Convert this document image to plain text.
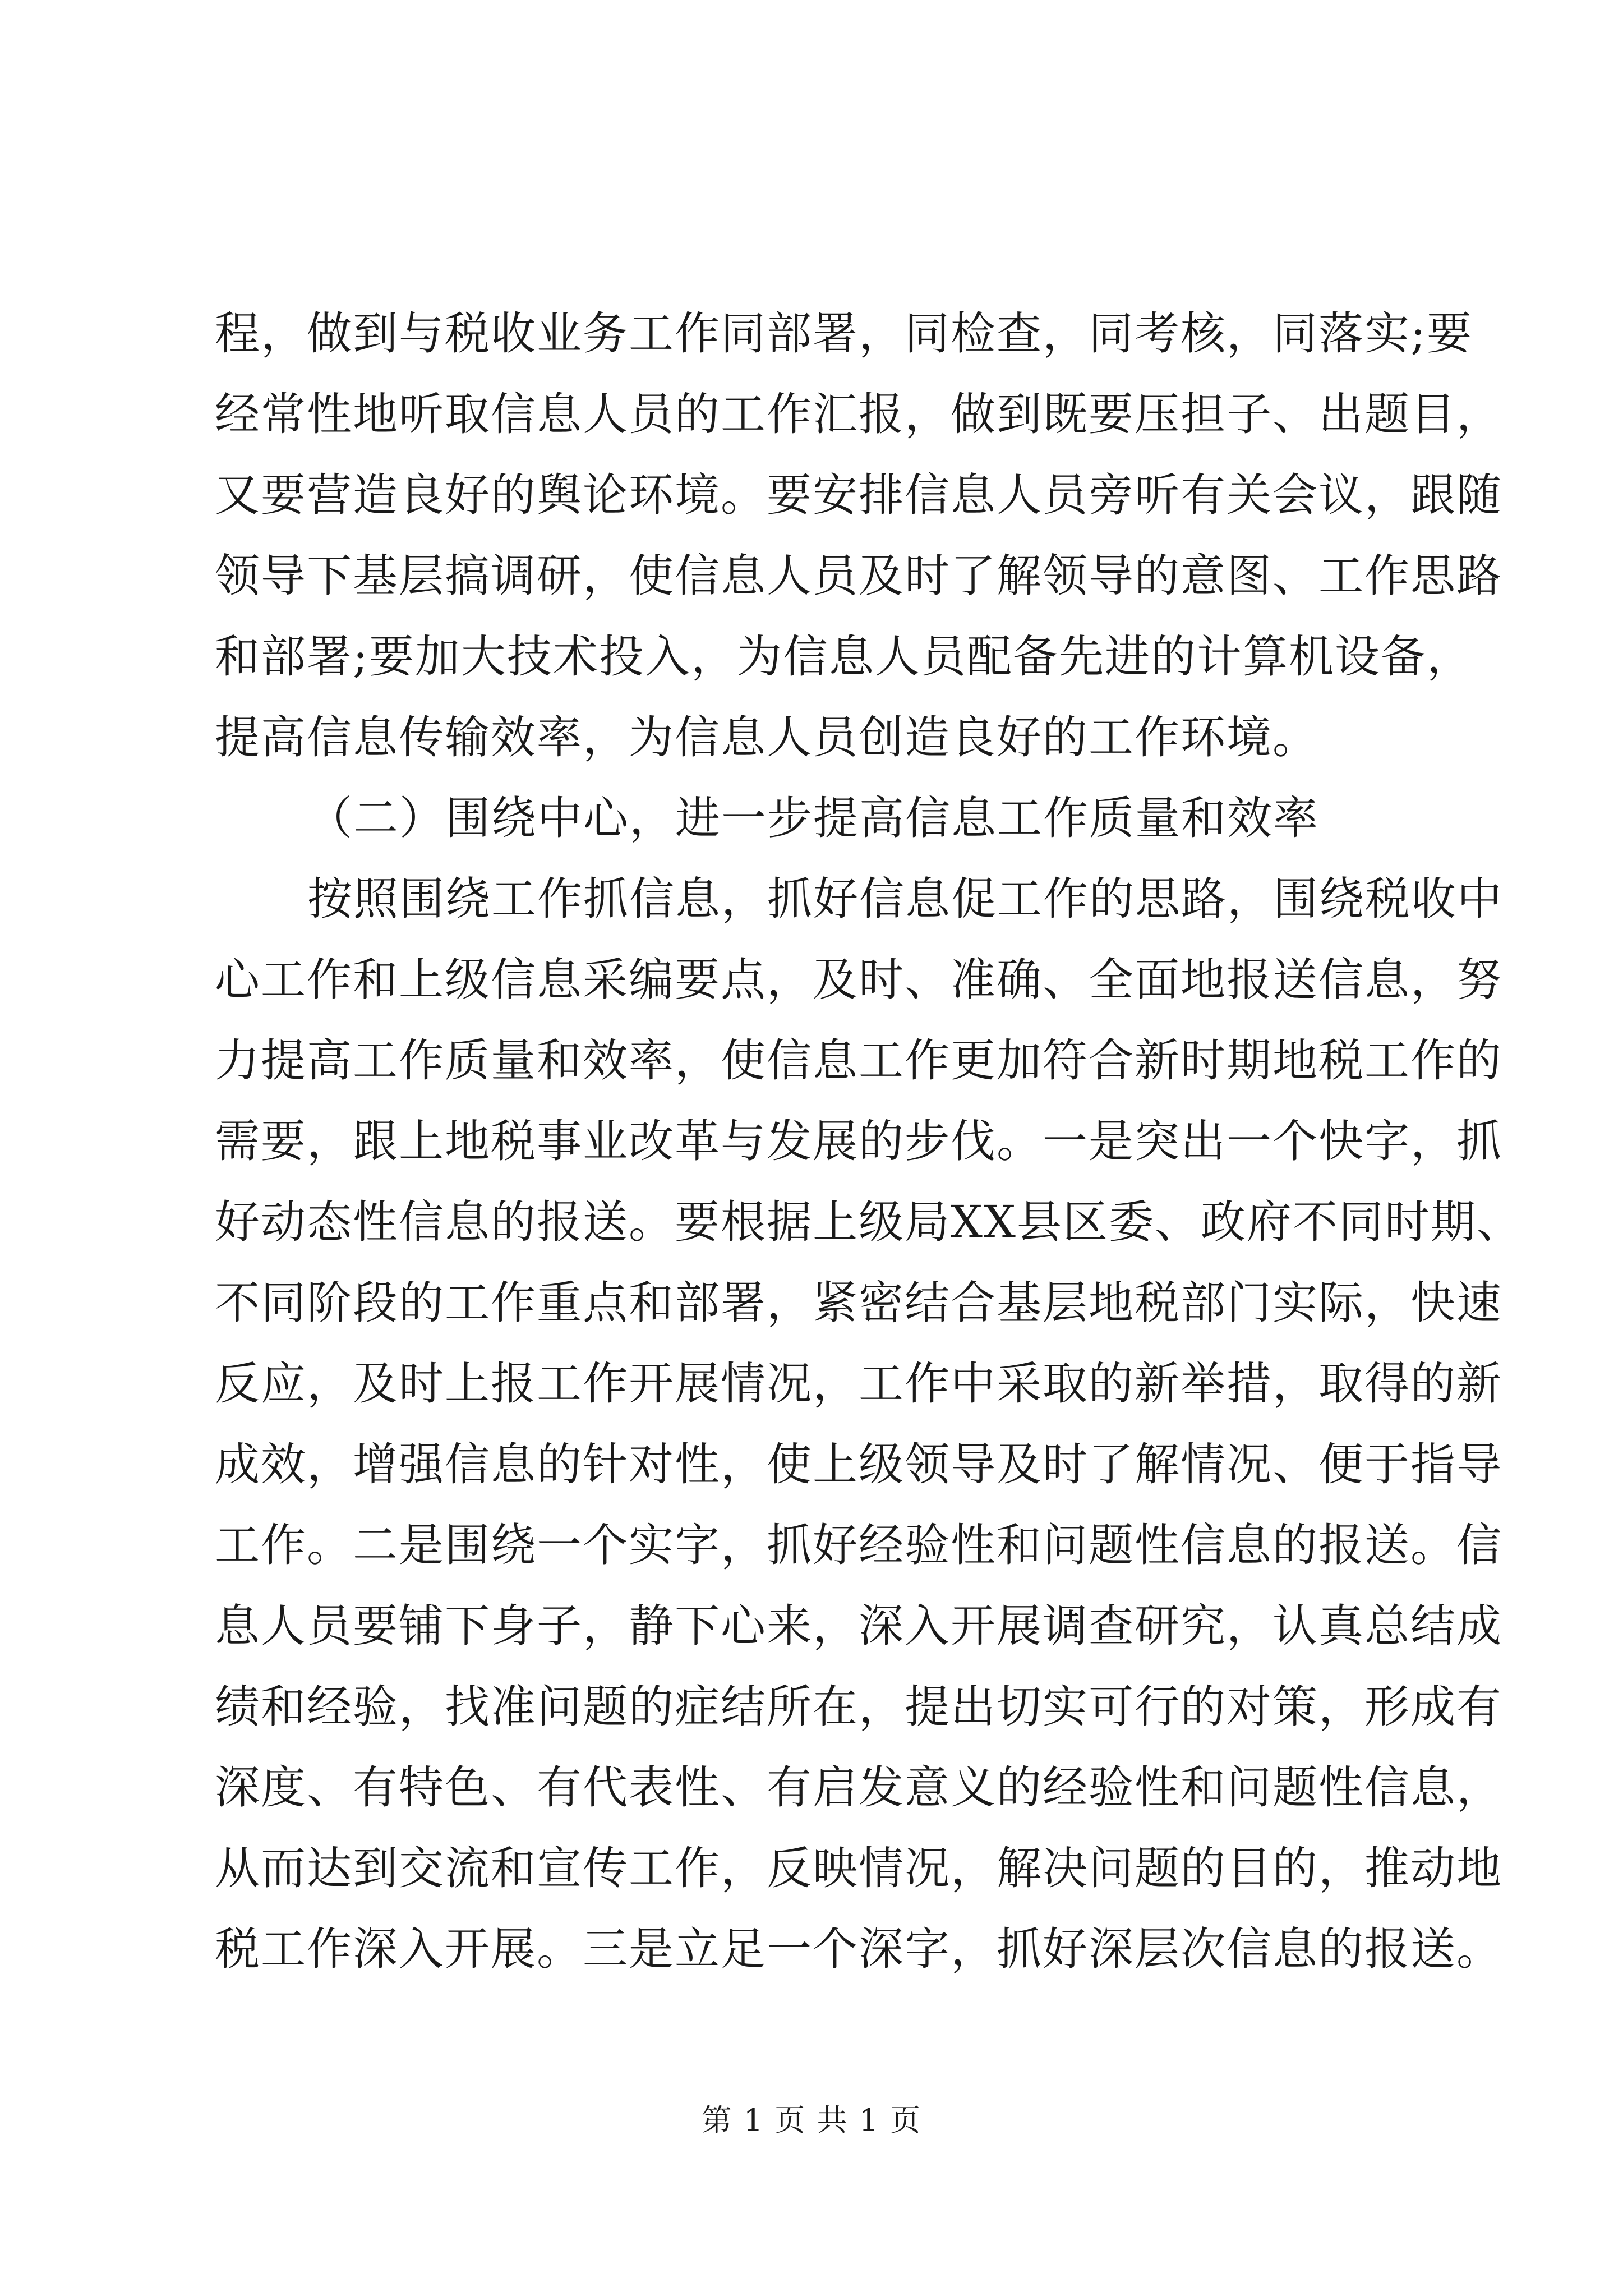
程，做到与税收业务工作同部署，同检查，同考核，同落实;要
经常性地听取信息人员的工作汇报，做到既要压担子、出题目，
又要营造良好的舆论环境。要安排信息人员旁听有关会议，跟随
领导下基层搞调研，使信息人员及时了解领导的意图、工作思路
和部署;要加大技术投入，为信息人员配备先进的计算机设备，
提高信息传输效率，为信息人员创造良好的工作环境。
（二）围绕中心，进一步提高信息工作质量和效率
按照围绕工作抓信息，抓好信息促工作的思路，围绕税收中
心工作和上级信息采编要点，及时、准确、全面地报送信息，努
力提高工作质量和效率，使信息工作更加符合新时期地税工作的
需要，跟上地税事业改革与发展的步伐。一是突出一个快字，抓
好动态性信息的报送。要根据上级局XX县区委、政府不同时期、
不同阶段的工作重点和部署，紧密结合基层地税部门实际，快速
反应，及时上报工作开展情况，工作中采取的新举措，取得的新
成效，增强信息的针对性，使上级领导及时了解情况、便于指导
工作。二是围绕一个实字，抓好经验性和问题性信息的报送。信
息人员要铺下身子，静下心来，深入开展调查研究，认真总结成
绩和经验，找准问题的症结所在，提出切实可行的对策，形成有
深度、有特色、有代表性、有启发意义的经验性和问题性信息，
从而达到交流和宣传工作，反映情况，解决问题的目的，推动地
税工作深入开展。三是立足一个深字，抓好深层次信息的报送。
第 1 页 共 1 页
